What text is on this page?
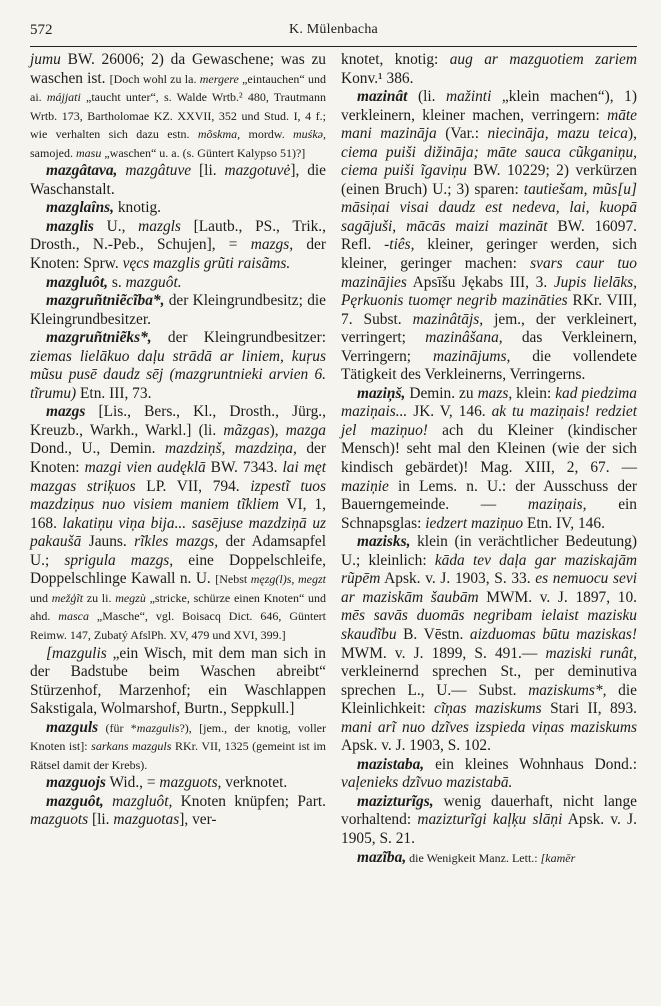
572	K. Mülenbacha

jumu BW. 26006; 2) da Gewaschene; was zu waschen ist. [Doch wohl zu la. mergere „eintauchen“ und ai. májjati „taucht unter“, s. Walde Wrtb.² 480, Trautmann Wrtb. 173, Bartholomae KZ. XXVII, 352 und Stud. I, 4 f.; wie verhalten sich dazu estn. mõskma, mordw. muśkə, samojed. masu „waschen“ u. a. (s. Güntert Kalypso 51)?]

mazgâtava, mazgâtuve [li. mazgotuvė], die Waschanstalt.

mazglaîns, knotig.

mazglis U., mazgls [Lautb., PS., Trik., Drosth., N.-Peb., Schujen], = mazgs, der Knoten: Sprw. vęcs mazglis grũti raisãms.

mazgluôt, s. mazguôt.

mazgruñtniẽcĩba*, der Kleingrundbesitz; die Kleingrundbesitzer.

mazgruñtniẽks*, der Kleingrundbesitzer: ziemas lielākuo daļu strādā ar liniem, kuŗus mũsu pusē daudz sēj (mazgruntnieki arvien 6. tĩrumu) Etn. III, 73.

mazgs [Lis., Bers., Kl., Drosth., Jürg., Kreuzb., Warkh., Warkl.] (li. mãzgas), mazga Dond., U., Demin. mazdziņš, mazdziņa, der Knoten: mazgi vien audęklā BW. 7343. lai męt mazgas striķuos LP. VII, 794. izpestĩ tuos mazdziņus nuo visiem maniem tĩkliem VI, 1, 168. lakatiņu viņa bija... sasējuse mazdziņā uz pakaušā Jauns. rĩkles mazgs, der Adamsapfel U.; sprigula mazgs, eine Doppelschleife, Doppelschlinge Kawall n. U. [Nebst męzg(l)s, megzt und mežģĩt zu li. megzù „stricke, schürze einen Knoten“ und ahd. masca „Masche“, vgl. Boisacq Dict. 646, Güntert Reimw. 147, Zubatý AfslPh. XV, 479 und XVI, 399.]

[mazgulis „ein Wisch, mit dem man sich in der Badstube beim Waschen abreibt“ Stürzenhof, Marzenhof; ein Waschlappen Sakstigala, Wolmarshof, Burtn., Seppkull.]

mazguls (für *mazgulis?), [jem., der knotig, voller Knoten ist]: sarkans mazguls RKr. VII, 1325 (gemeint ist im Rätsel damit der Krebs).

mazguojs Wid., = mazguots, verknotet.

mazguôt, mazgluôt, Knoten knüpfen; Part. mazguots [li. mazguotas], ver-

knotet, knotig: aug ar mazguotiem zariem Konv.¹ 386.

mazinât (li. mažinti „klein machen“), 1) verkleinern, kleiner machen, verringern: māte mani mazināja (Var.: niecināja, mazu teica), ciema puiši dižināja; māte sauca cũkganiņu, ciema puiši ĩgaviņu BW. 10229; 2) verkürzen (einen Bruch) U.; 3) sparen: tautiešam, mũs[u] māsiņai visai daudz est nedeva, lai, kuopā sagājuši, mācās maizi mazināt BW. 16097. Refl. -tiês, kleiner, geringer werden, sich kleiner, geringer machen: svars caur tuo mazinājies Apsīšu Jękabs III, 3. Jupis lielāks, Pęrkuonis tuomęr negrib mazināties RKr. VIII, 7. Subst. mazinâtājs, jem., der verkleinert, verringert; mazinâšana, das Verkleinern, Verringern; mazinājums, die vollendete Tätigkeit des Verkleinerns, Verringerns.

maziņš, Demin. zu mazs, klein: kad piedzima maziņais... JK. V, 146. ak tu maziņais! redziet jel maziņuo! ach du Kleiner (kindischer Mensch)! seht mal den Kleinen (wie der sich kindisch gebärdet)! Mag. XIII, 2, 67. — maziņie in Lems. n. U.: der Ausschuss der Bauerngemeinde. — maziņais, ein Schnapsglas: iedzert maziņuo Etn. IV, 146.

mazisks, klein (in verächtlicher Bedeutung) U.; kleinlich: kāda tev daļa gar maziskajām rũpēm Apsk. v. J. 1903, S. 33. es nemuocu sevi ar maziskām šaubām MWM. v. J. 1897, 10. mēs savās duomās negribam ielaist mazisku skaudĩbu B. Vēstn. aizduomas būtu maziskas! MWM. v. J. 1899, S. 491.— maziski runât, verkleinernd sprechen St., per deminutiva sprechen L., U.— Subst. maziskums*, die Kleinlichkeit: cĩņas maziskums Stari II, 893. mani arĩ nuo dzĩves izspieda viņas maziskums Apsk. v. J. 1903, S. 102.

mazistaba, ein kleines Wohnhaus Dond.: vaļenieks dzĩvuo mazistabā.

mazizturĩgs, wenig dauerhaft, nicht lange vorhaltend: mazizturĩgi kaļķu slāņi Apsk. v. J. 1905, S. 21.

mazĩba, die Wenigkeit Manz. Lett.: [kamēr
